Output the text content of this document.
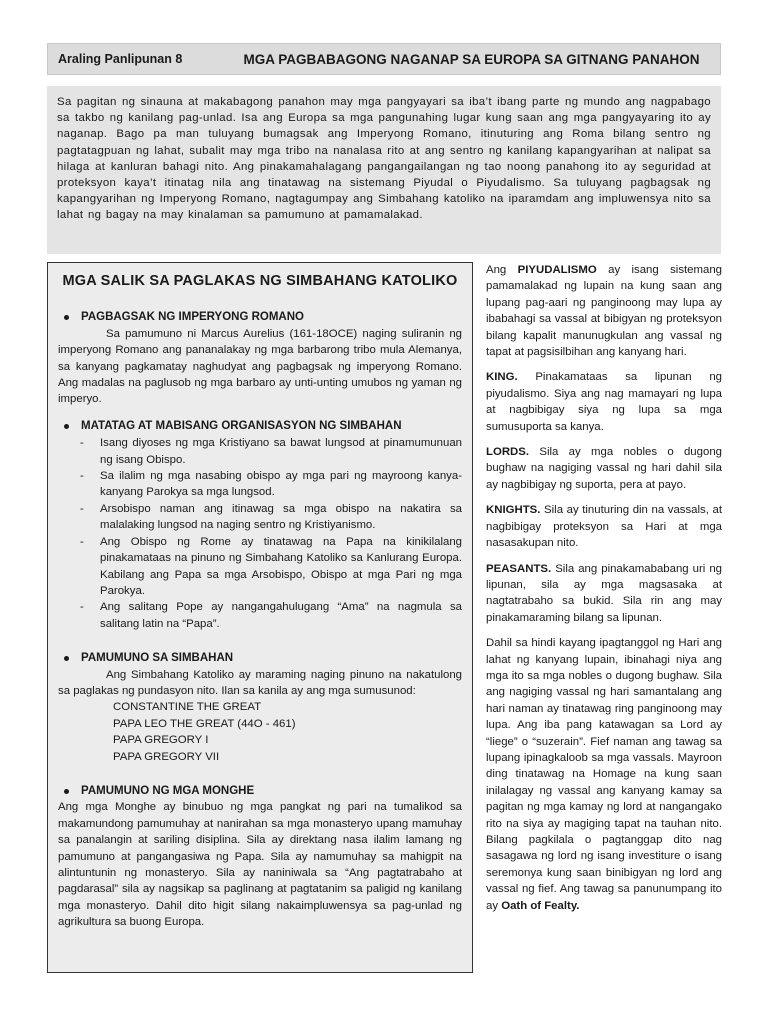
Araling Panlipunan 8	MGA PAGBABAGONG NAGANAP SA EUROPA SA GITNANG PANAHON
Sa pagitan ng sinauna at makabagong panahon may mga pangyayari sa iba’t ibang parte ng mundo ang nagpabago sa takbo ng kanilang pag-unlad. Isa ang Europa sa mga pangunahing lugar kung saan ang mga pangyayaring ito ay naganap. Bago pa man tuluyang bumagsak ang Imperyong Romano, itinuturing ang Roma bilang sentro ng pagtatagpuan ng lahat, subalit may mga tribo na nanalasa rito at ang sentro ng kanilang kapangyarihan at nalipat sa hilaga at kanluran bahagi nito. Ang pinakamahalagang pangangailangan ng tao noong panahong ito ay seguridad at proteksyon kaya’t itinatag nila ang tinatawag na sistemang Piyudal o Piyudalismo. Sa tuluyang pagbagsak ng kapangyarihan ng Imperyong Romano, nagtagumpay ang Simbahang katoliko na iparamdam ang impluwensya nito sa lahat ng bagay na may kinalaman sa pamumuno at pamamalakad.
MGA SALIK SA PAGLAKAS NG SIMBAHANG KATOLIKO
PAGBAGSAK NG IMPERYONG ROMANO

Sa pamumuno ni Marcus Aurelius (161-18OCE) naging suliranin ng imperyong Romano ang pananalakay ng mga barbarong tribo mula Alemanya, sa kanyang pagkamatay naghudyat ang pagbagsak ng imperyong Romano. Ang madalas na paglusob ng mga barbaro ay unti-unting umubos ng yaman ng imperyo.

MATATAG AT MABISANG ORGANISASYON NG SIMBAHAN
-	Isang diyoses ng mga Kristiyano sa bawat lungsod at pinamumunuan ng isang Obispo.
-	Sa ilalim ng mga nasabing obispo ay mga pari ng mayroong kanya-kanyang Parokya sa mga lungsod.
-	Arsobispo naman ang itinawag sa mga obispo na nakatira sa malalaking lungsod na naging sentro ng Kristiyanismo.
-	Ang Obispo ng Rome ay tinatawag na Papa na kinikilalang pinakamataas na pinuno ng Simbahang Katoliko sa Kanlurang Europa. Kabilang ang Papa sa mga Arsobispo, Obispo at mga Pari ng mga Parokya.
-	Ang salitang Pope ay nangangahulugang “Ama” na nagmula sa salitang latin na “Papa”.
PAMUMUNO SA SIMBAHAN

Ang Simbahang Katoliko ay maraming naging pinuno na nakatulong sa paglakas ng pundasyon nito. Ilan sa kanila ay ang mga sumusunod:

CONSTANTINE THE GREAT
PAPA LEO THE GREAT (44O - 461)
PAPA GREGORY I
PAPA GREGORY VII
PAMUMUNO NG MGA MONGHE

Ang mga Monghe ay binubuo ng mga pangkat ng pari na tumalikod sa makamundong pamumuhay at nanirahan sa mga monasteryo upang mamuhay sa panalangin at sariling disiplina. Sila ay direktang nasa ilalim lamang ng pamumuno at pangangasiwa ng Papa. Sila ay namumuhay sa mahigpit na alintuntunin ng monasteryo. Sila ay naniniwala sa “Ang pagtatrabaho at pagdarasal” sila ay nagsikap sa paglinang at pagtatanim sa paligid ng kanilang mga monasteryo. Dahil dito higit silang nakaimpluwensya sa pag-unlad ng agrikultura sa buong Europa.

Ang PIYUDALISMO ay isang sistemang pamamalakad ng lupain na kung saan ang lupang pag-aari ng panginoong may lupa ay ibabahagi sa vassal at bibigyan ng proteksyon bilang kapalit manunugkulan ang vassal ng tapat at pagsisilbihan ang kanyang hari.

KING. Pinakamataas sa lipunan ng piyudalismo. Siya ang nag mamayari ng lupa at nagbibigay siya ng lupa sa mga sumusuporta sa kanya.

LORDS. Sila ay mga nobles o dugong bughaw na nagiging vassal ng hari dahil sila ay nagbibigay ng suporta, pera at payo.

KNIGHTS. Sila ay tinuturing din na vassals, at nagbibigay proteksyon sa Hari at mga nasasakupan nito.

PEASANTS. Sila ang pinakamababang uri ng lipunan, sila ay mga magsasaka at nagtatrabaho sa bukid. Sila rin ang may pinakamaraming bilang sa lipunan.

Dahil sa hindi kayang ipagtanggol ng Hari ang lahat ng kanyang lupain, ibinahagi niya ang mga ito sa mga nobles o dugong bughaw. Sila ang nagiging vassal ng hari samantalang ang hari naman ay tinatawag ring panginoong may lupa. Ang iba pang katawagan sa Lord ay “liege” o “suzerain”. Fief naman ang tawag sa lupang ipinagkaloob sa mga vassals. Mayroon ding tinatawag na Homage na kung saan inilalagay ng vassal ang kanyang kamay sa pagitan ng mga kamay ng lord at nangangako rito na siya ay magiging tapat na tauhan nito. Bilang pagkilala o pagtanggap dito nag sasagawa ng lord ng isang investiture o isang seremonya kung saan binibigyan ng lord ang vassal ng fief. Ang tawag sa panunumpang ito ay Oath of Fealty.
